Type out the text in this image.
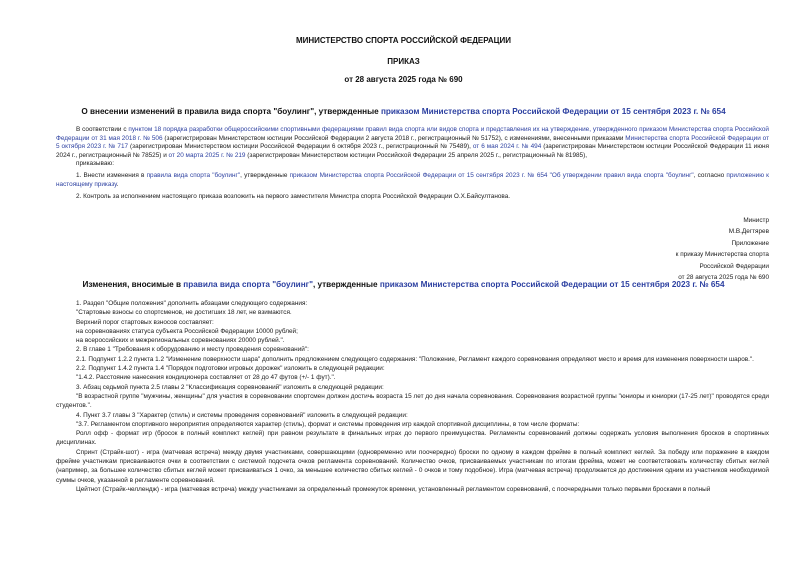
МИНИСТЕРСТВО СПОРТА РОССИЙСКОЙ ФЕДЕРАЦИИ
ПРИКАЗ
от 28 августа 2025 года № 690
О внесении изменений в правила вида спорта "боулинг", утвержденные приказом Министерства спорта Российской Федерации от 15 сентября 2023 г. № 654

В соответствии с пунктом 18 порядка разработки общероссийскими спортивными федерациями правил вида спорта или видов спорта и представления их на утверждение, утвержденного приказом Министерства спорта Российской Федерации от 31 мая 2018 г. № 506 (зарегистрирован Министерством юстиции Российской Федерации 2 августа 2018 г., регистрационный № 51752), с изменениями, внесенными приказами Министерства спорта Российской Федерации от 5 октября 2023 г. № 717 (зарегистрирован Министерством юстиции Российской Федерации 6 октября 2023 г., регистрационный № 75489), от 6 мая 2024 г. № 494 (зарегистрирован Министерством юстиции Российской Федерации 11 июня 2024 г., регистрационный № 78525) и от 20 марта 2025 г. № 219 (зарегистрирован Министерством юстиции Российской Федерации 25 апреля 2025 г., регистрационный № 81985),

приказываю:

1. Внести изменения в правила вида спорта "боулинг", утвержденные приказом Министерства спорта Российской Федерации от 15 сентября 2023 г. № 654 "Об утверждении правил вида спорта "боулинг", согласно приложению к настоящему приказу.

2. Контроль за исполнением настоящего приказа возложить на первого заместителя Министра спорта Российской Федерации О.Х.Байсултанова.

Министр
М.В.Дегтярев
Приложение
к приказу Министерства спорта
Российской Федерации
от 28 августа 2025 года № 690
Изменения, вносимые в правила вида спорта "боулинг", утвержденные приказом Министерства спорта Российской Федерации от 15 сентября 2023 г. № 654

1. Раздел "Общие положения" дополнить абзацами следующего содержания:

"Стартовые взносы со спортсменов, не достигших 18 лет, не взимаются.

Верхний порог стартовых взносов составляет:

на соревнованиях статуса субъекта Российской Федерации 10000 рублей;

на всероссийских и межрегиональных соревнованиях 20000 рублей.".

2. В главе 1 "Требования к оборудованию и месту проведения соревнований":

2.1. Подпункт 1.2.2 пункта 1.2 "Изменение поверхности шара" дополнить предложением следующего содержания: "Положение, Регламент каждого соревнования определяют место и время для изменения поверхности шаров.".

2.2. Подпункт 1.4.2 пункта 1.4 "Порядок подготовки игровых дорожек" изложить в следующей редакции:

"1.4.2. Расстояние нанесения кондиционера составляет от 28 до 47 футов (+/- 1 фут).".

3. Абзац седьмой пункта 2.5 главы 2 "Классификация соревнований" изложить в следующей редакции:

"В возрастной группе "мужчины, женщины" для участия в соревновании спортсмен должен достичь возраста 15 лет до дня начала соревнования. Соревнования возрастной группы "юниоры и юниорки (17-25 лет)" проводятся среди студентов.".

4. Пункт 3.7 главы 3 "Характер (стиль) и системы проведения соревнований" изложить в следующей редакции:

"3.7. Регламентом спортивного мероприятия определяются характер (стиль), формат и системы проведения игр каждой спортивной дисциплины, в том числе форматы:

Ролл офф - формат игр (бросок в полный комплект кеглей) при равном результате в финальных играх до первого преимущества. Регламенты соревнований должны содержать условия выполнения бросков в спортивных дисциплинах.

Спринт (Страйк-шот) - игра (матчевая встреча) между двумя участниками, совершающими (одновременно или поочередно) броски по одному в каждом фрейме в полный комплект кеглей. За победу или поражение в каждом фрейме участникам присваиваются очки в соответствии с системой подсчета очков регламента соревнований. Количество очков, присваиваемых участникам по итогам фрейма, может не соответствовать количеству сбитых кеглей (например, за большее количество сбитых кеглей может присваиваться 1 очко, за меньшее количество сбитых кеглей - 0 очков и тому подобное). Игра (матчевая встреча) продолжается до достижения одним из участников необходимой суммы очков, указанной в регламенте соревнований.

Цейтнот (Страйк-челлендж) - игра (матчевая встреча) между участниками за определенный промежуток времени, установленный регламентом соревнований, с поочередными только первыми бросками в полный
